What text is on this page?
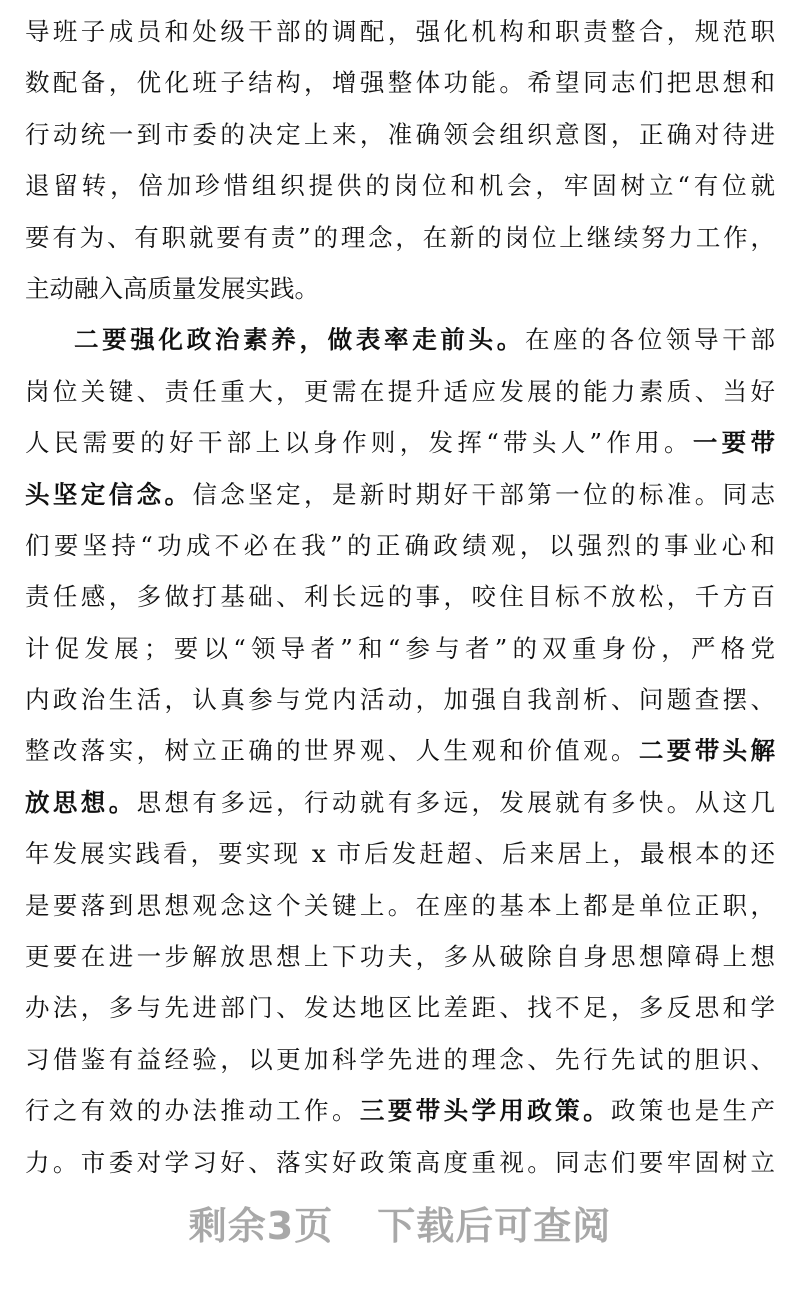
导班子成员和处级干部的调配，强化机构和职责整合，规范职
数配备，优化班子结构，增强整体功能。希望同志们把思想和
行动统一到市委的决定上来，准确领会组织意图，正确对待进
退留转，倍加珍惜组织提供的岗位和机会，牢固树立“有位就
要有为、有职就要有责”的理念，在新的岗位上继续努力工作，
主动融入高质量发展实践。
二要强化政治素养，做表率走前头。在座的各位领导干部
岗位关键、责任重大，更需在提升适应发展的能力素质、当好
人民需要的好干部上以身作则，发挥“带头人”作用。一要带
头坚定信念。信念坚定，是新时期好干部第一位的标准。同志
们要坚持“功成不必在我”的正确政绩观，以强烈的事业心和
责任感，多做打基础、利长远的事，咬住目标不放松，千方百
计促发展；要以“领导者”和“参与者”的双重身份，严格党
内政治生活，认真参与党内活动，加强自我剖析、问题查摆、
整改落实，树立正确的世界观、人生观和价值观。二要带头解
放思想。思想有多远，行动就有多远，发展就有多快。从这几
年发展实践看，要实现 x 市后发赶超、后来居上，最根本的还
是要落到思想观念这个关键上。在座的基本上都是单位正职，
更要在进一步解放思想上下功夫，多从破除自身思想障碍上想
办法，多与先进部门、发达地区比差距、找不足，多反思和学
习借鉴有益经验，以更加科学先进的理念、先行先试的胆识、
行之有效的办法推动工作。三要带头学用政策。政策也是生产
力。市委对学习好、落实好政策高度重视。同志们要牢固树立
剩余3页 下载后可查阅
